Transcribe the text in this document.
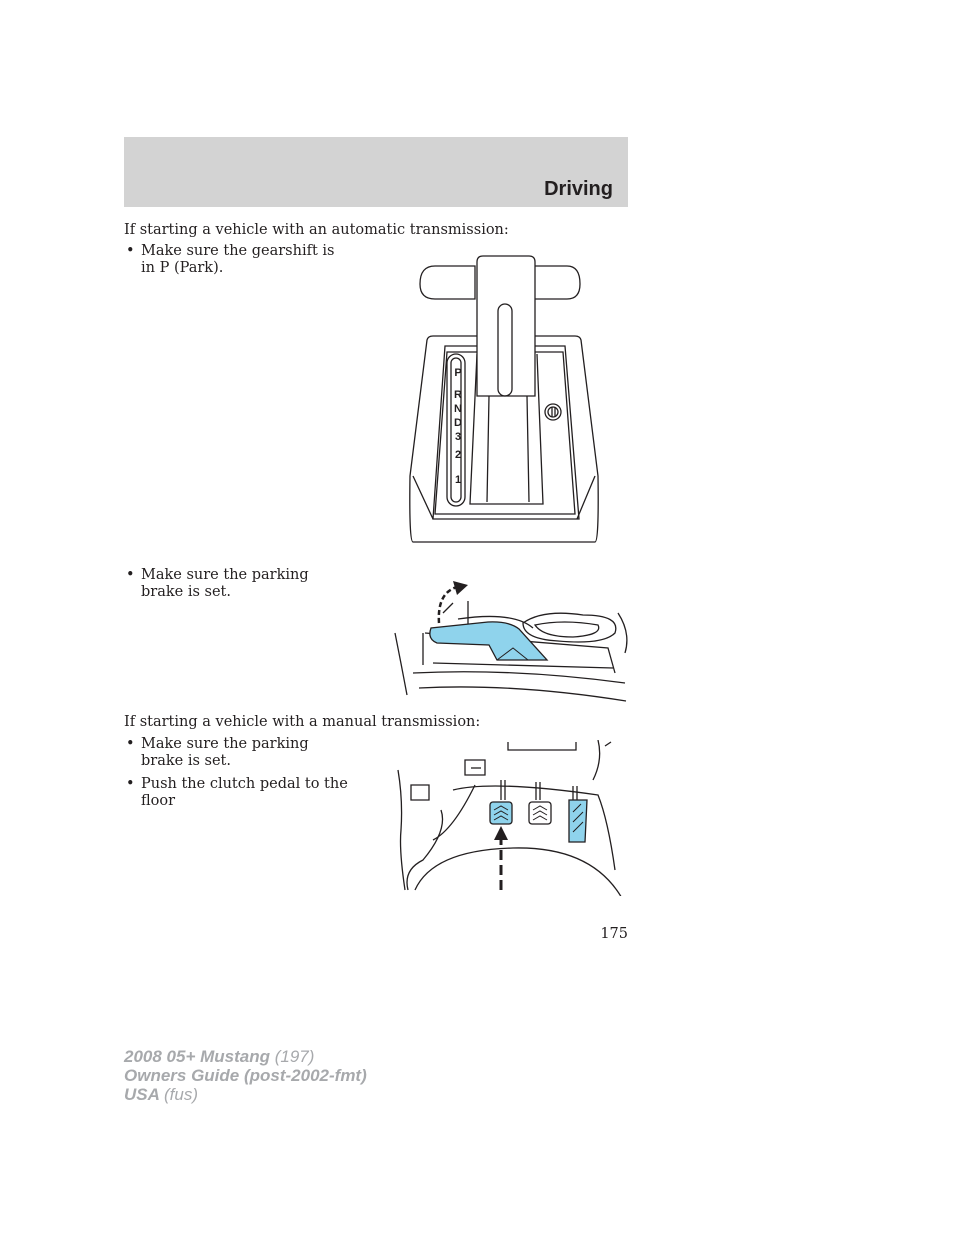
Driving

If starting a vehicle with an automatic transmission:

• Make sure the gearshift is in P (Park).
P
R
N
D
3
2
1
• Make sure the parking brake is set.

If starting a vehicle with a manual transmission:

• Make sure the parking brake is set.
• Push the clutch pedal to the floor
175
2008 05+ Mustang (197)
Owners Guide (post-2002-fmt)
USA (fus)
